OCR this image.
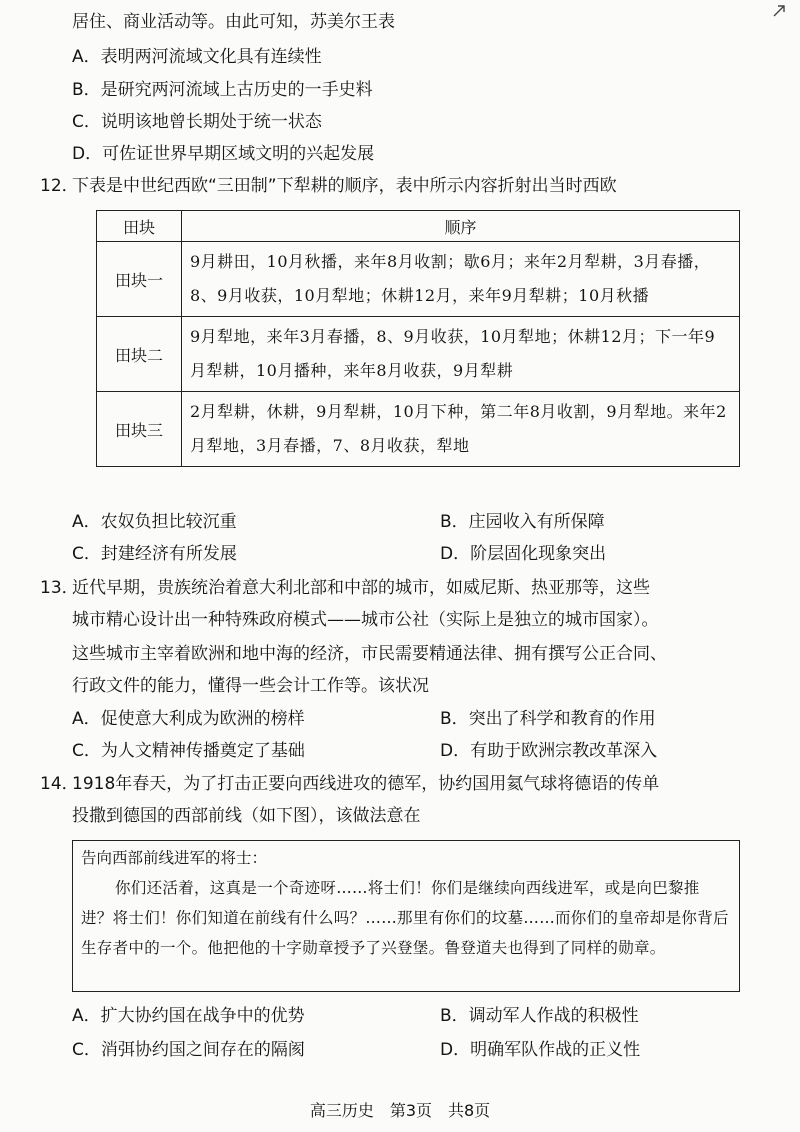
居住、商业活动等。由此可知，苏美尔王表
A．表明两河流域文化具有连续性
B．是研究两河流域上古历史的一手史料
C．说明该地曾长期处于统一状态
D．可佐证世界早期区域文明的兴起发展
12．
下表是中世纪西欧“三田制”下犁耕的顺序，表中所示内容折射出当时西欧
田块	顺序
田块一	9月耕田，10月秋播，来年8月收割；歇6月；来年2月犁耕，3月春播，8、9月收获，10月犁地；休耕12月，来年9月犁耕；10月秋播
田块二	9月犁地，来年3月春播，8、9月收获，10月犁地；休耕12月；下一年9月犁耕，10月播种，来年8月收获，9月犁耕
田块三	2月犁耕，休耕，9月犁耕，10月下种，第二年8月收割，9月犁地。来年2月犁地，3月春播，7、8月收获，犁地
A．农奴负担比较沉重	B．庄园收入有所保障
C．封建经济有所发展	D．阶层固化现象突出
13．
近代早期，贵族统治着意大利北部和中部的城市，如威尼斯、热亚那等，这些
城市精心设计出一种特殊政府模式——城市公社（实际上是独立的城市国家）。
这些城市主宰着欧洲和地中海的经济，市民需要精通法律、拥有撰写公正合同、
行政文件的能力，懂得一些会计工作等。该状况
A．促使意大利成为欧洲的榜样	B．突出了科学和教育的作用
C．为人文精神传播奠定了基础	D．有助于欧洲宗教改革深入
14．
1918年春天，为了打击正要向西线进攻的德军，协约国用氦气球将德语的传单
投撒到德国的西部前线（如下图），该做法意在
告向西部前线进军的将士：
你们还活着，这真是一个奇迹呀……将士们！你们是继续向西线进军，或是向巴黎推进？将士们！你们知道在前线有什么吗？……那里有你们的坟墓……而你们的皇帝却是你背后生存者中的一个。他把他的十字勋章授予了兴登堡。鲁登道夫也得到了同样的勋章。
A．扩大协约国在战争中的优势	B．调动军人作战的积极性
C．消弭协约国之间存在的隔阂	D．明确军队作战的正义性
高三历史　第3页　共8页
